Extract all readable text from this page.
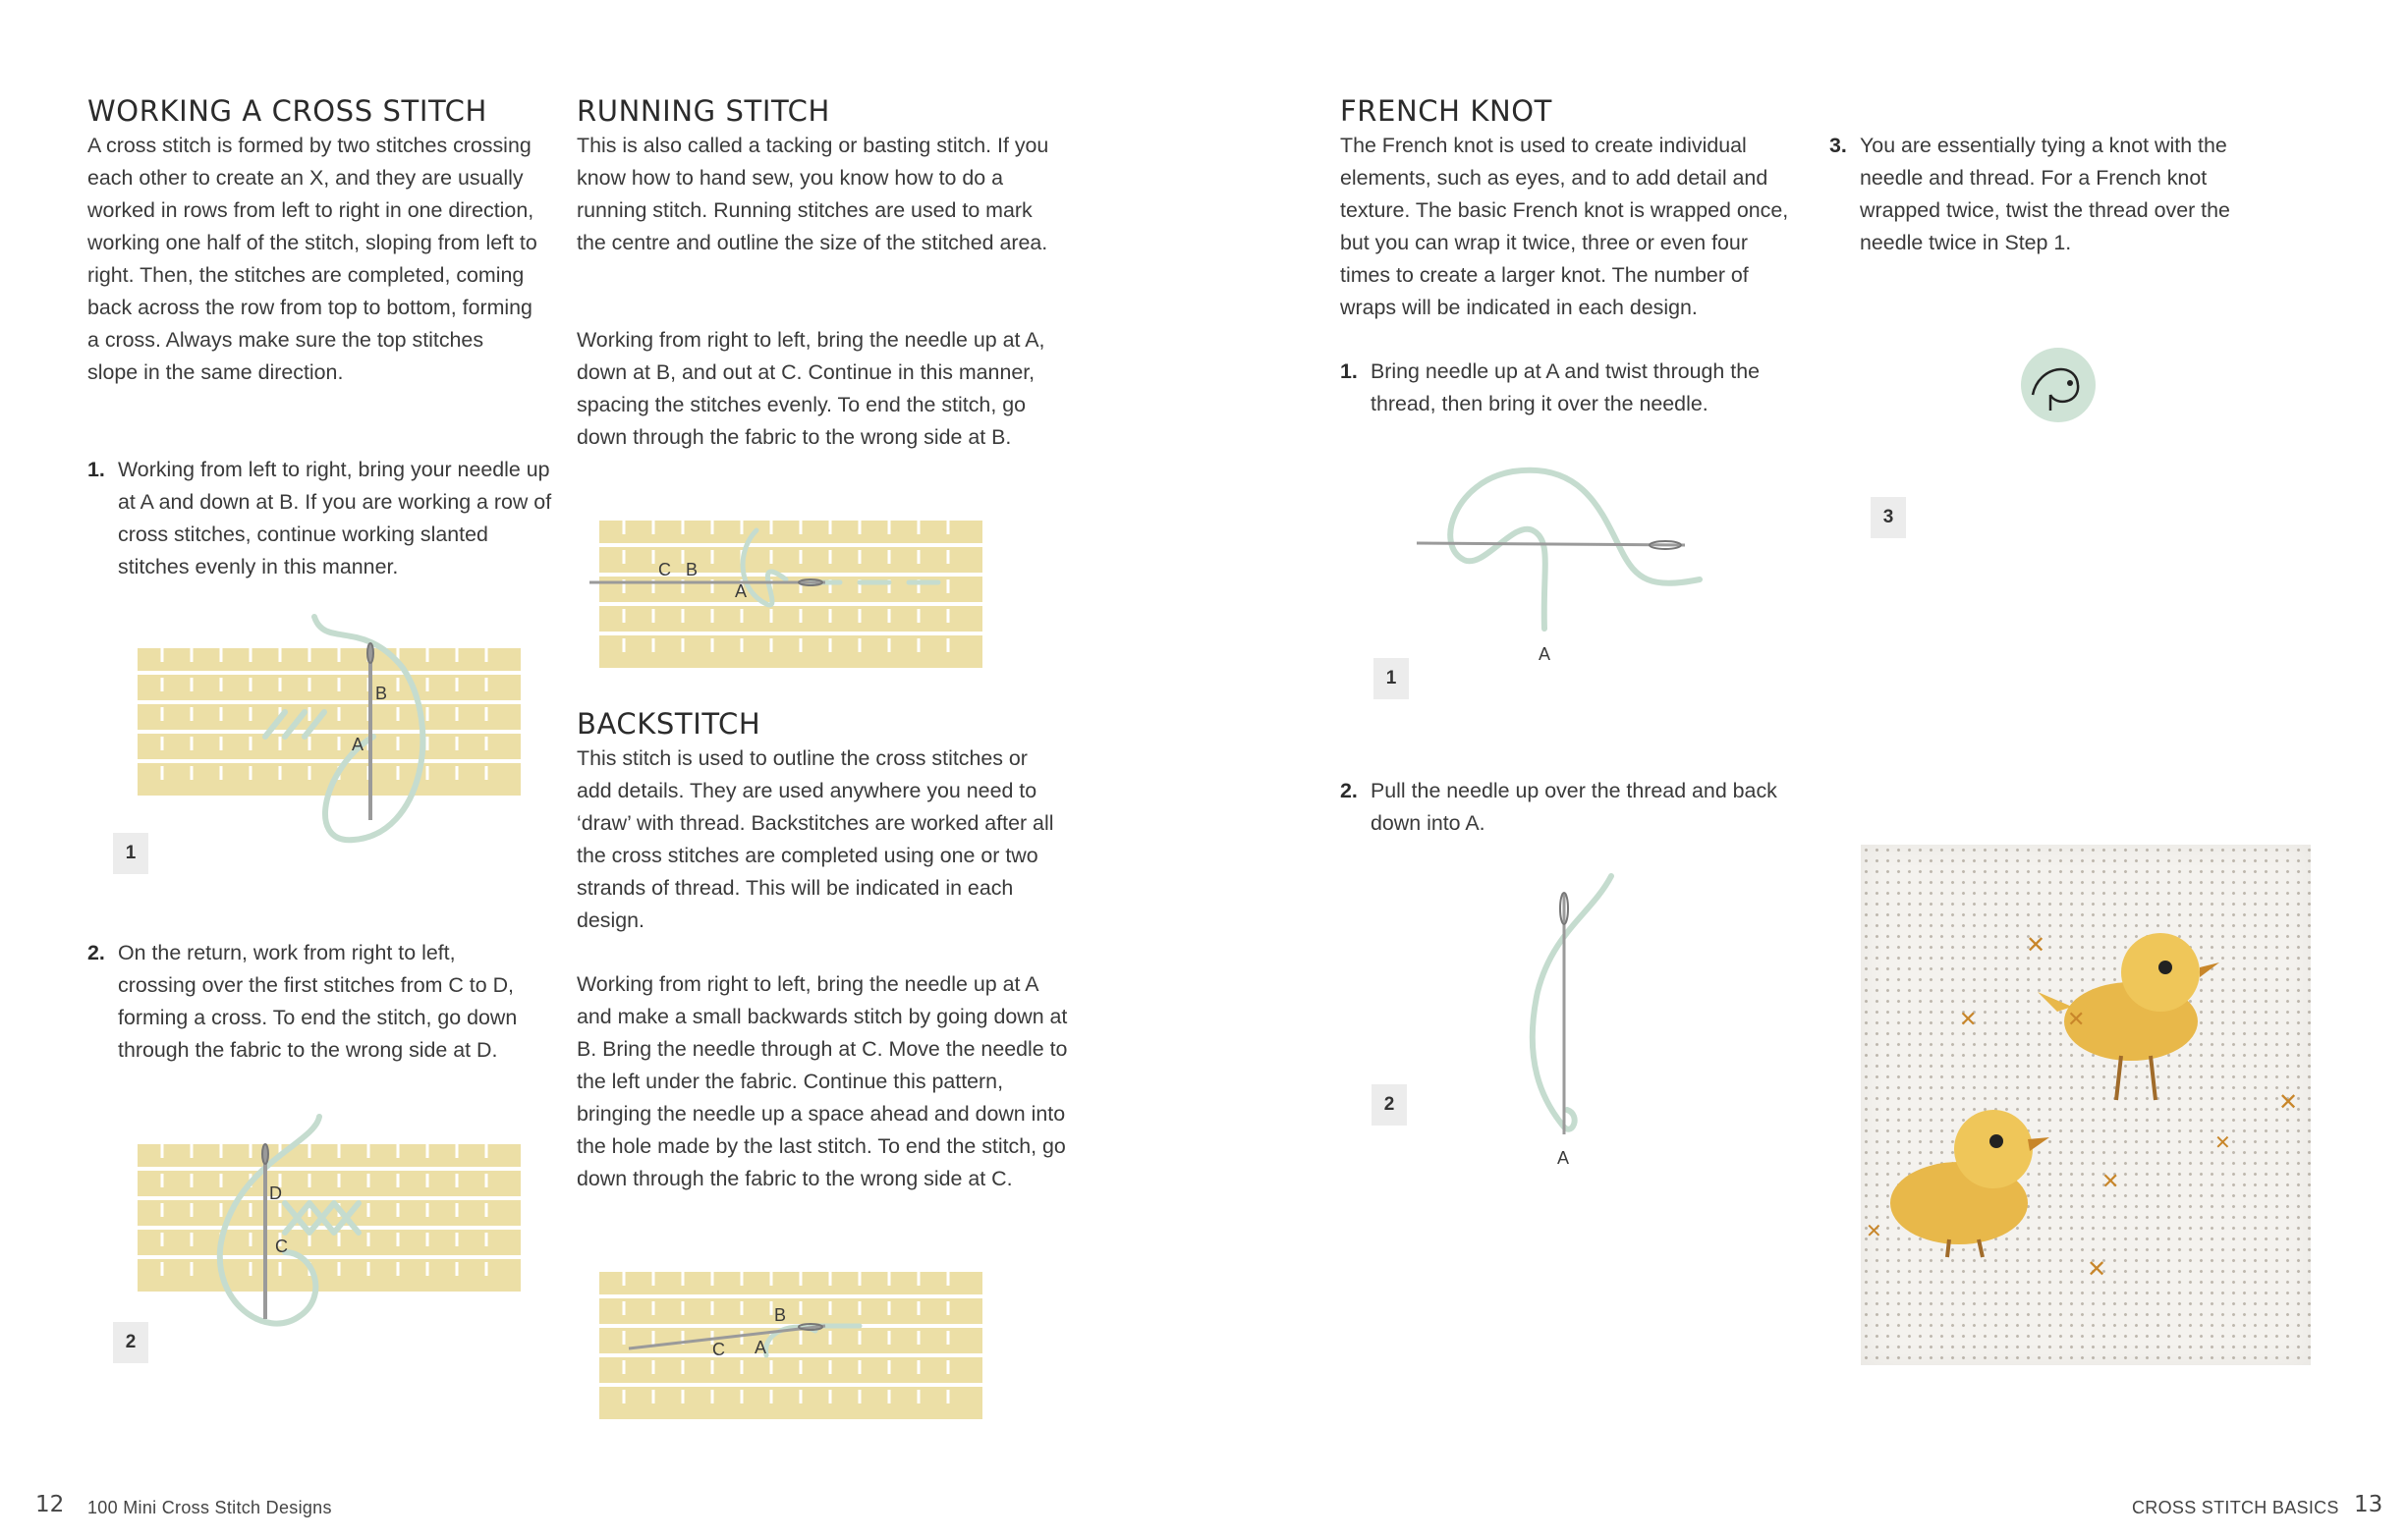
WORKING A CROSS STITCH

A cross stitch is formed by two stitches crossing each other to create an X, and they are usually worked in rows from left to right in one direction, working one half of the stitch, sloping from left to right. Then, the stitches are completed, coming back across the row from top to bottom, forming a cross. Always make sure the top stitches slope in the same direction.

1. Working from left to right, bring your needle up at A and down at B. If you are working a row of cross stitches, continue working slanted stitches evenly in this manner.
B
A
1
2. On the return, work from right to left, crossing over the first stitches from C to D, forming a cross. To end the stitch, go down through the fabric to the wrong side at D.
D
C
2
RUNNING STITCH

This is also called a tacking or basting stitch. If you know how to hand sew, you know how to do a running stitch. Running stitches are used to mark the centre and outline the size of the stitched area.

Working from right to left, bring the needle up at A, down at B, and out at C. Continue in this manner, spacing the stitches evenly. To end the stitch, go down through the fabric to the wrong side at B.

C B
A
BACKSTITCH

This stitch is used to outline the cross stitches or add details. They are used anywhere you need to ‘draw’ with thread. Backstitches are worked after all the cross stitches are completed using one or two strands of thread. This will be indicated in each design.

Working from right to left, bring the needle up at A and make a small backwards stitch by going down at B. Bring the needle through at C. Move the needle to the left under the fabric. Continue this pattern, bringing the needle up a space ahead and down into the hole made by the last stitch. To end the stitch, go down through the fabric to the wrong side at C.

B
C A
12 100 Mini Cross Stitch Designs
FRENCH KNOT

The French knot is used to create individual elements, such as eyes, and to add detail and texture. The basic French knot is wrapped once, but you can wrap it twice, three or even four times to create a larger knot. The number of wraps will be indicated in each design.

1. Bring needle up at A and twist through the thread, then bring it over the needle.
A
1
2. Pull the needle up over the thread and back down into A.
A
2
3. You are essentially tying a knot with the needle and thread. For a French knot wrapped twice, twist the thread over the needle twice in Step 1.
3
✕
✕	✕
✕
✕
✕
✕
✕
CROSS STITCH BASICS 13
